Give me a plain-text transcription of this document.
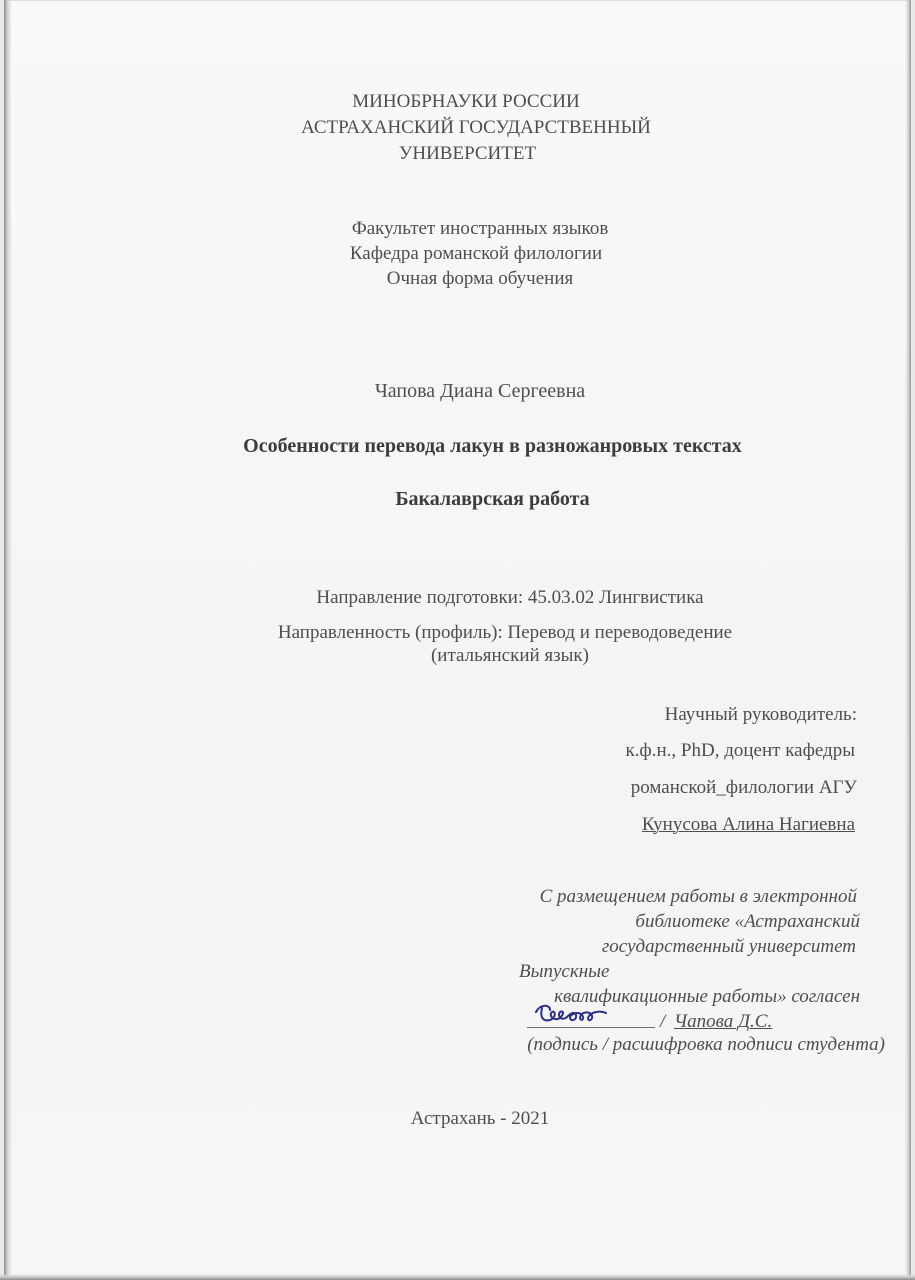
МИНОБРНАУКИ РОССИИ
АСТРАХАНСКИЙ ГОСУДАРСТВЕННЫЙ
УНИВЕРСИТЕТ
Факультет иностранных языков
Кафедра романской филологии
Очная форма обучения
Чапова Диана Сергеевна
Особенности перевода лакун в разножанровых текстах
Бакалаврская работа
Направление подготовки: 45.03.02 Лингвистика
Направленность (профиль): Перевод и переводоведение
(итальянский язык)
Научный руководитель:
к.ф.н., PhD, доцент кафедры
романской_филологии АГУ
Кунусова Алина Нагиевна
С размещением работы в электронной
библиотеке «Астраханский
государственный университет
Выпускные
квалификационные работы» согласен
/ Чапова Д.С.
(подпись / расшифровка подписи студента)
Астрахань - 2021
